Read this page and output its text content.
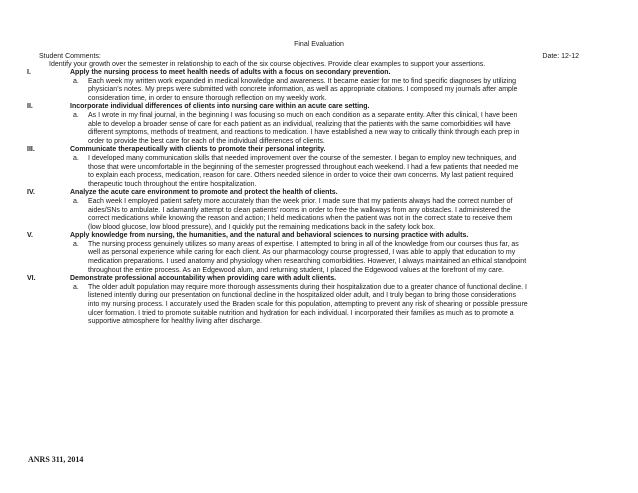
Final Evaluation
Student Comments:	Date: 12-12
Identify your growth over the semester in relationship to each of the six course objectives. Provide clear examples to support your assertions.
I.	Apply the nursing process to meet health needs of adults with a focus on secondary prevention.
a. Each week my written work expanded in medical knowledge and awareness. It became easier for me to find specific diagnoses by utilizing
physician’s notes. My preps were submitted with concrete information, as well as appropriate citations. I composed my journals after ample
consideration time, in order to ensure thorough reflection on my weekly work.
II.	Incorporate individual differences of clients into nursing care within an acute care setting.
a. As I wrote in my final journal, in the beginning I was focusing so much on each condition as a separate entity. After this clinical, I have been
able to develop a broader sense of care for each patient as an individual, realizing that the patients with the same comorbidities will have
different symptoms, methods of treatment, and reactions to medication. I have established a new way to critically think through each prep in
order to provide the best care for each of the individual differences of clients.
III.	Communicate therapeutically with clients to promote their personal integrity.
a. I developed many communication skills that needed improvement over the course of the semester. I began to employ new techniques, and
those that were uncomfortable in the beginning of the semester progressed throughout each weekend. I had a few patients that needed me
to explain each process, medication, reason for care. Others needed silence in order to voice their own concerns. My last patient required
therapeutic touch throughout the entire hospitalization.
IV.	Analyze the acute care environment to promote and protect the health of clients.
a. Each week I employed patient safety more accurately than the week prior. I made sure that my patients always had the correct number of
aides/SNs to ambulate. I adamantly attempt to clean patients’ rooms in order to free the walkways from any obstacles. I administered the
correct medications while knowing the reason and action; I held medications when the patient was not in the correct state to receive them
(low blood glucose, low blood pressure), and I quickly put the remaining medications back in the safety lock box.
V.	Apply knowledge from nursing, the humanities, and the natural and behavioral sciences to nursing practice with adults.
a. The nursing process genuinely utilizes so many areas of expertise. I attempted to bring in all of the knowledge from our courses thus far, as
well as personal experience while caring for each client. As our pharmacology course progressed, I was able to apply that education to my
medication preparations. I used anatomy and physiology when researching comorbidities. However, I always maintained an ethical standpoint
throughout the entire process. As an Edgewood alum, and returning student, I placed the Edgewood values at the forefront of my care.
VI.	Demonstrate professional accountability when providing care with adult clients.
a. The older adult population may require more thorough assessments during their hospitalization due to a greater chance of functional decline. I
listened intently during our presentation on functional decline in the hospitalized older adult, and I truly began to bring those considerations
into my nursing process. I accurately used the Braden scale for this population, attempting to prevent any risk of shearing or possible pressure
ulcer formation. I tried to promote suitable nutrition and hydration for each individual. I incorporated their families as much as to promote a
supportive atmosphere for healthy living after discharge.
ANRS 311, 2014
